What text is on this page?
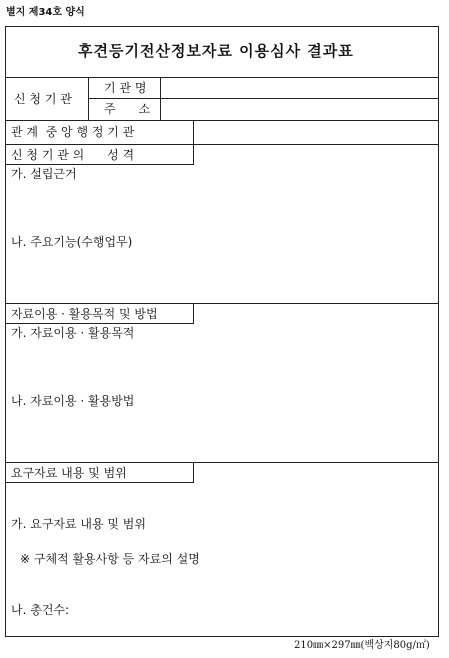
별지 제34호 양식
후견등기전산정보자료 이용심사 결과표
신 청 기 관
기 관 명
주      소
관 계  중 앙 행 정 기 관
신 청 기 관 의      성 격
가. 설립근거
나. 주요기능(수행업무)
자료이용 · 활용목적 및 방법
가. 자료이용 · 활용목적
나. 자료이용 · 활용방법
요구자료 내용 및 범위
가. 요구자료 내용 및 범위
※ 구체적 활용사항 등 자료의 설명
나. 총건수:
210㎜×297㎜(백상지80g/㎡)
